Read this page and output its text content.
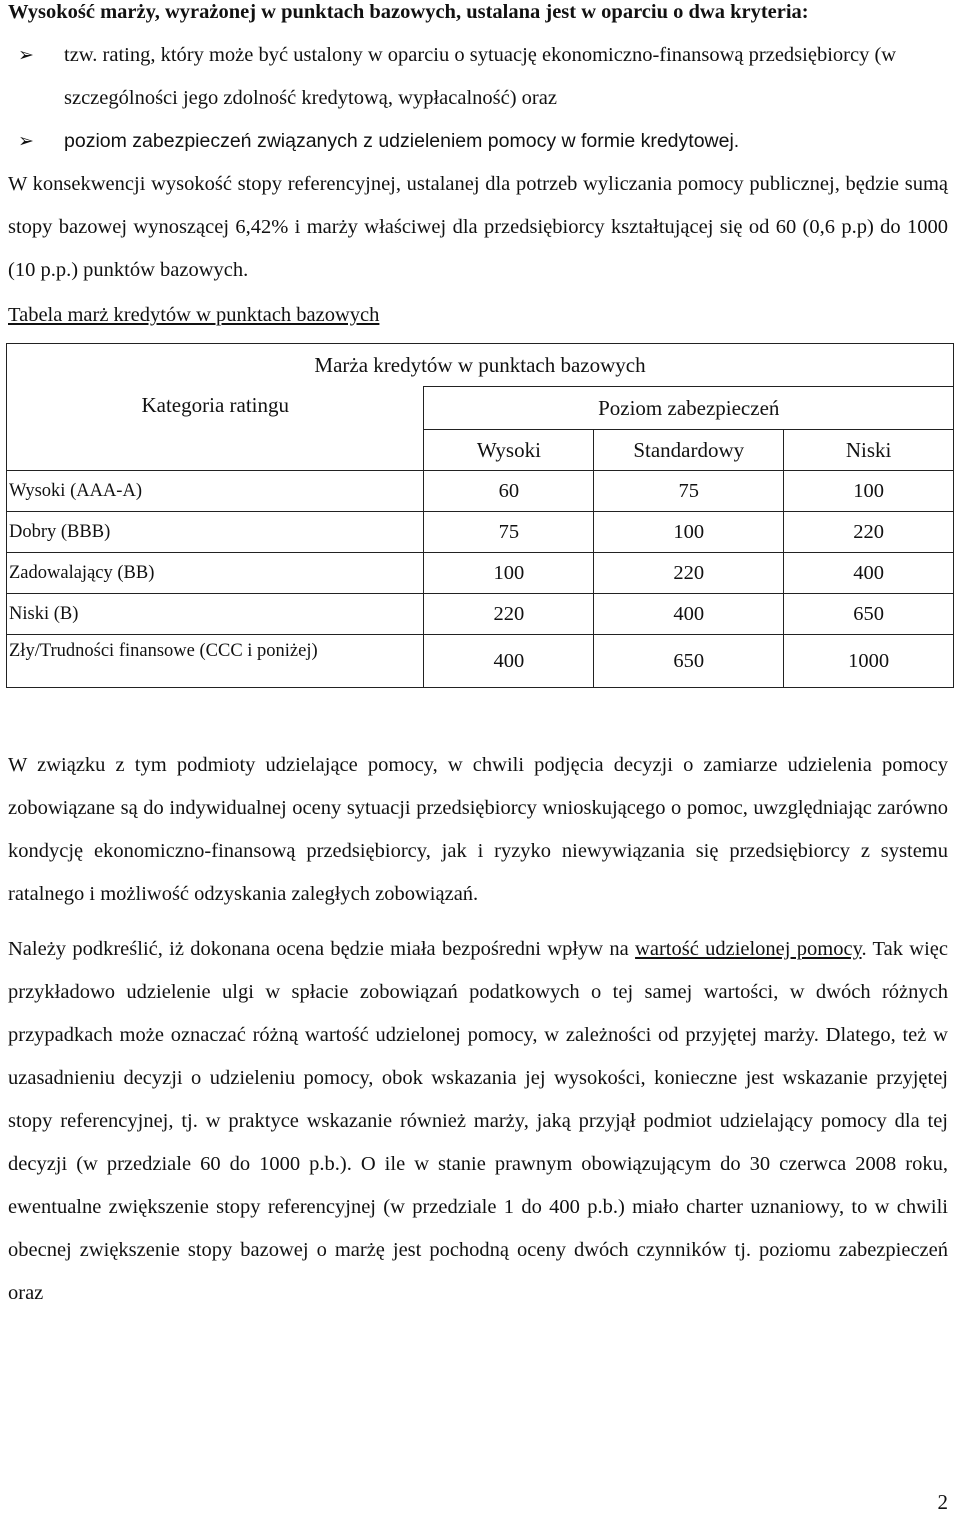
Wysokość marży, wyrażonej w punktach bazowych, ustalana jest w oparciu o dwa kryteria:

➢ tzw. rating, który może być ustalony w oparciu o sytuację ekonomiczno-finansową przedsiębiorcy (w szczególności jego zdolność kredytową, wypłacalność) oraz

➢ poziom zabezpieczeń związanych z udzieleniem pomocy w formie kredytowej.

W konsekwencji wysokość stopy referencyjnej, ustalanej dla potrzeb wyliczania pomocy publicznej, będzie sumą stopy bazowej wynoszącej 6,42% i marży właściwej dla przedsiębiorcy kształtującej się od 60 (0,6 p.p) do 1000 (10 p.p.) punktów bazowych.

Tabela marż kredytów w punktach bazowych

Marża kredytów w punktach bazowych			
Kategoria ratingu	Poziom zabezpieczeń		
	Wysoki	Standardowy	Niski
Wysoki (AAA-A)	60	75	100
Dobry (BBB)	75	100	220
Zadowalający (BB)	100	220	400
Niski (B)	220	400	650
Zły/Trudności finansowe (CCC i poniżej)	400	650	1000

W związku z tym podmioty udzielające pomocy, w chwili podjęcia decyzji o zamiarze udzielenia pomocy zobowiązane są do indywidualnej oceny sytuacji przedsiębiorcy wnioskującego o pomoc, uwzględniając zarówno kondycję ekonomiczno-finansową przedsiębiorcy, jak i ryzyko niewywiązania się przedsiębiorcy z systemu ratalnego i możliwość odzyskania zaległych zobowiązań.

Należy podkreślić, iż dokonana ocena będzie miała bezpośredni wpływ na wartość udzielonej pomocy. Tak więc przykładowo udzielenie ulgi w spłacie zobowiązań podatkowych o tej samej wartości, w dwóch różnych przypadkach może oznaczać różną wartość udzielonej pomocy, w zależności od przyjętej marży. Dlatego, też w uzasadnieniu decyzji o udzieleniu pomocy, obok wskazania jej wysokości, konieczne jest wskazanie przyjętej stopy referencyjnej, tj. w praktyce wskazanie również marży, jaką przyjął podmiot udzielający pomocy dla tej decyzji (w przedziale 60 do 1000 p.b.). O ile w stanie prawnym obowiązującym do 30 czerwca 2008 roku, ewentualne zwiększenie stopy referencyjnej (w przedziale 1 do 400 p.b.) miało charter uznaniowy, to w chwili obecnej zwiększenie stopy bazowej o marżę jest pochodną oceny dwóch czynników tj. poziomu zabezpieczeń oraz

2
